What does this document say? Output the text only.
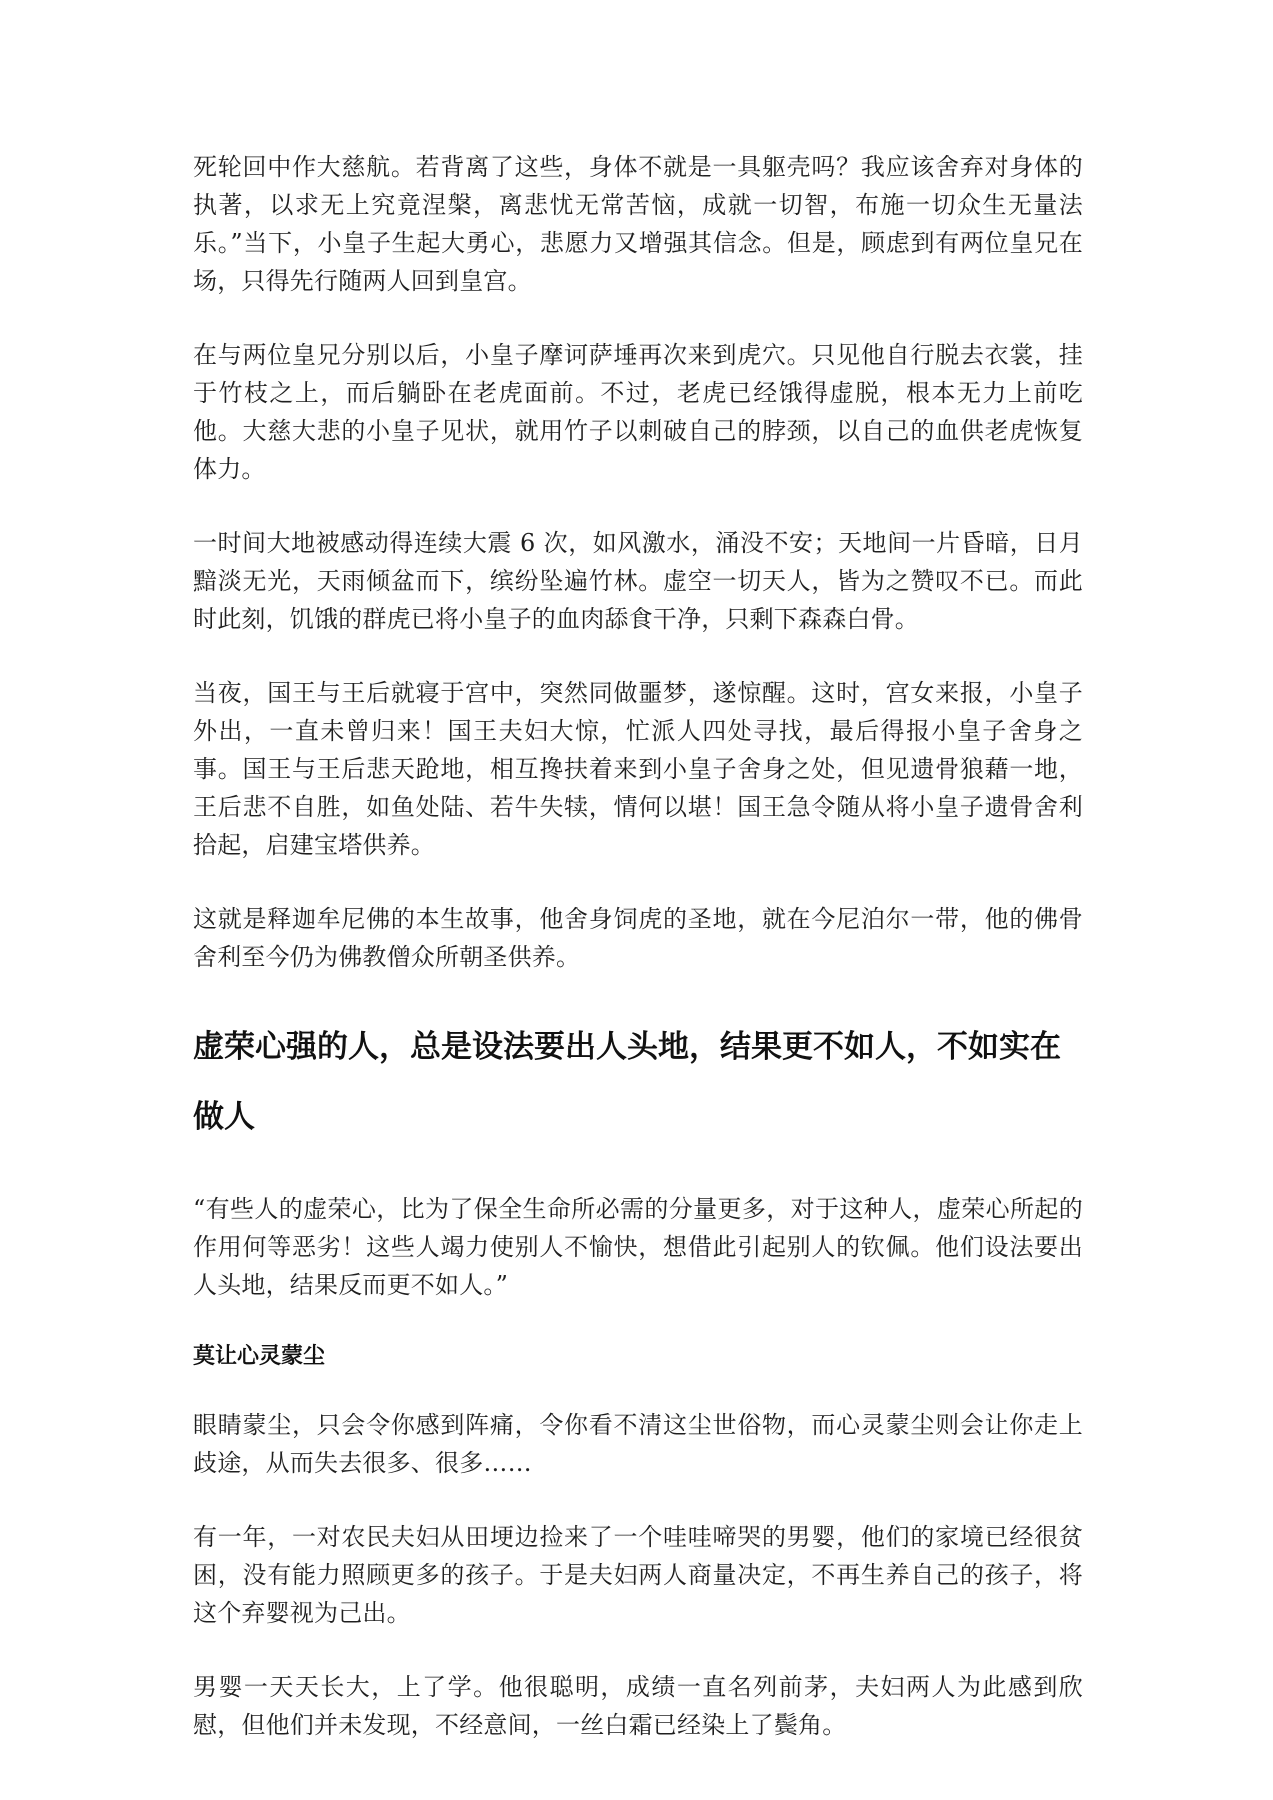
死轮回中作大慈航。若背离了这些，身体不就是一具躯壳吗？我应该舍弃对身体的执著，以求无上究竟涅槃，离悲忧无常苦恼，成就一切智，布施一切众生无量法乐。”当下，小皇子生起大勇心，悲愿力又增强其信念。但是，顾虑到有两位皇兄在场，只得先行随两人回到皇宫。

在与两位皇兄分别以后，小皇子摩诃萨埵再次来到虎穴。只见他自行脱去衣裳，挂于竹枝之上，而后躺卧在老虎面前。不过，老虎已经饿得虚脱，根本无力上前吃他。大慈大悲的小皇子见状，就用竹子以刺破自己的脖颈，以自己的血供老虎恢复体力。

一时间大地被感动得连续大震 6 次，如风激水，涌没不安；天地间一片昏暗，日月黯淡无光，天雨倾盆而下，缤纷坠遍竹林。虚空一切天人，皆为之赞叹不已。而此时此刻，饥饿的群虎已将小皇子的血肉舔食干净，只剩下森森白骨。

当夜，国王与王后就寝于宫中，突然同做噩梦，遂惊醒。这时，宫女来报，小皇子外出，一直未曾归来！国王夫妇大惊，忙派人四处寻找，最后得报小皇子舍身之事。国王与王后悲天跄地，相互搀扶着来到小皇子舍身之处，但见遗骨狼藉一地，王后悲不自胜，如鱼处陆、若牛失犊，情何以堪！国王急令随从将小皇子遗骨舍利拾起，启建宝塔供养。

这就是释迦牟尼佛的本生故事，他舍身饲虎的圣地，就在今尼泊尔一带，他的佛骨舍利至今仍为佛教僧众所朝圣供养。

虚荣心强的人，总是设法要出人头地，结果更不如人，不如实在做人

“有些人的虚荣心，比为了保全生命所必需的分量更多，对于这种人，虚荣心所起的作用何等恶劣！这些人竭力使别人不愉快，想借此引起别人的钦佩。他们设法要出人头地，结果反而更不如人。”

莫让心灵蒙尘

眼睛蒙尘，只会令你感到阵痛，令你看不清这尘世俗物，而心灵蒙尘则会让你走上歧途，从而失去很多、很多……

有一年，一对农民夫妇从田埂边捡来了一个哇哇啼哭的男婴，他们的家境已经很贫困，没有能力照顾更多的孩子。于是夫妇两人商量决定，不再生养自己的孩子，将这个弃婴视为己出。

男婴一天天长大，上了学。他很聪明，成绩一直名列前茅，夫妇两人为此感到欣慰，但他们并未发现，不经意间，一丝白霜已经染上了鬓角。
